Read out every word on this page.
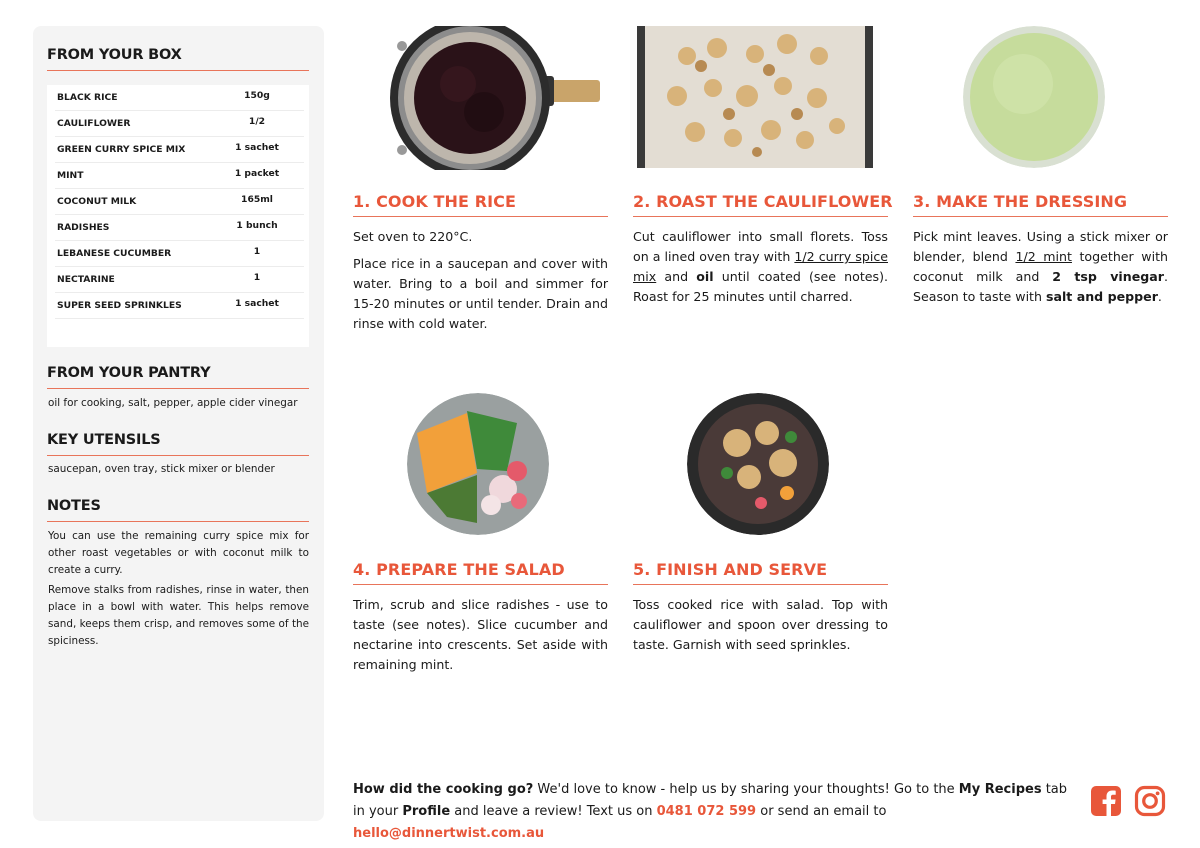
FROM YOUR BOX
BLACK RICE	150g
CAULIFLOWER	1/2
GREEN CURRY SPICE MIX	1 sachet
MINT	1 packet
COCONUT MILK	165ml
RADISHES	1 bunch
LEBANESE CUCUMBER	1
NECTARINE	1
SUPER SEED SPRINKLES	1 sachet
FROM YOUR PANTRY
oil for cooking, salt, pepper, apple cider vinegar
KEY UTENSILS
saucepan, oven tray, stick mixer or blender
NOTES
You can use the remaining curry spice mix for other roast vegetables or with coconut milk to create a curry.
Remove stalks from radishes, rinse in water, then place in a bowl with water. This helps remove sand, keeps them crisp, and removes some of the spiciness.
1. COOK THE RICE

Set oven to 220°C.

Place rice in a saucepan and cover with water. Bring to a boil and simmer for 15-20 minutes or until tender. Drain and rinse with cold water.

2. ROAST THE CAULIFLOWER

Cut cauliflower into small florets. Toss on a lined oven tray with 1/2 curry spice mix and oil until coated (see notes). Roast for 25 minutes until charred.

3. MAKE THE DRESSING

Pick mint leaves. Using a stick mixer or blender, blend 1/2 mint together with coconut milk and 2 tsp vinegar. Season to taste with salt and pepper.

4. PREPARE THE SALAD

Trim, scrub and slice radishes - use to taste (see notes). Slice cucumber and nectarine into crescents. Set aside with remaining mint.

5. FINISH AND SERVE

Toss cooked rice with salad. Top with cauliflower and spoon over dressing to taste. Garnish with seed sprinkles.

How did the cooking go? We'd love to know - help us by sharing your thoughts! Go to the My Recipes tab in your Profile and leave a review! Text us on 0481 072 599 or send an email to hello@dinnertwist.com.au
